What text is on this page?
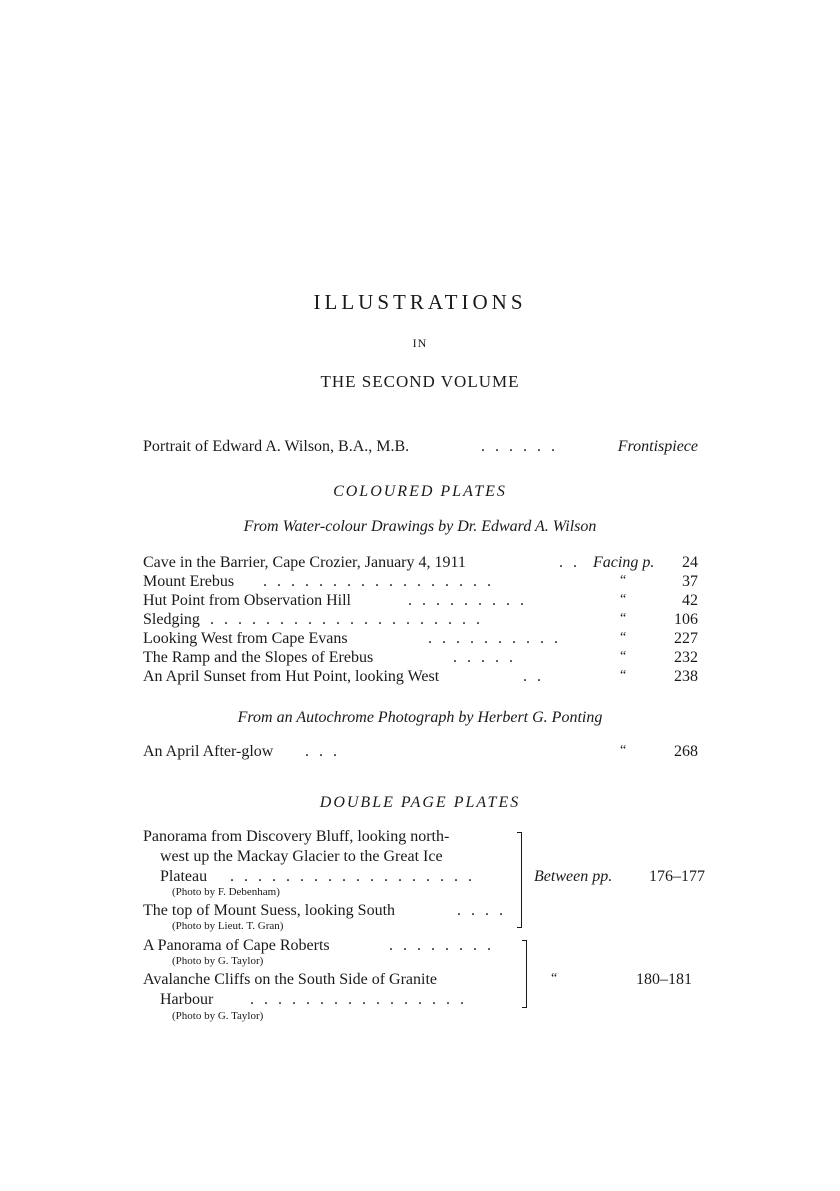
ILLUSTRATIONS
IN
THE SECOND VOLUME
Portrait of Edward A. Wilson, B.A., M.B.	. . . . . .	Frontispiece
COLOURED PLATES
From Water-colour Drawings by Dr. Edward A. Wilson
Cave in the Barrier, Cape Crozier, January 4, 1911	. . Facing p. 24
Mount Erebus . . . . . . . . . . . . . . . . .	“	37
Hut Point from Observation Hill	. . . . . . . . .	“	42
Sledging . . . . . . . . . . . . . . . . . . . .	“	106
Looking West from Cape Evans	. . . . . . . . . .	“	227
The Ramp and the Slopes of Erebus	. . . . .	“	232
An April Sunset from Hut Point, looking West	. .	“	238
From an Autochrome Photograph by Herbert G. Ponting
An April After-glow . . .	“	268
DOUBLE PAGE PLATES
Panorama from Discovery Bluff, looking north-
west up the Mackay Glacier to the Great Ice
Plateau . . . . . . . . . . . . . . . . . .
(Photo by F. Debenham)
The top of Mount Suess, looking South	. . . .
(Photo by Lieut. T. Gran)
Between pp. 176–177
A Panorama of Cape Roberts	. . . . . . . .
(Photo by G. Taylor)
Avalanche Cliffs on the South Side of Granite
Harbour . . . . . . . . . . . . . . . .
(Photo by G. Taylor)
“	180–181
